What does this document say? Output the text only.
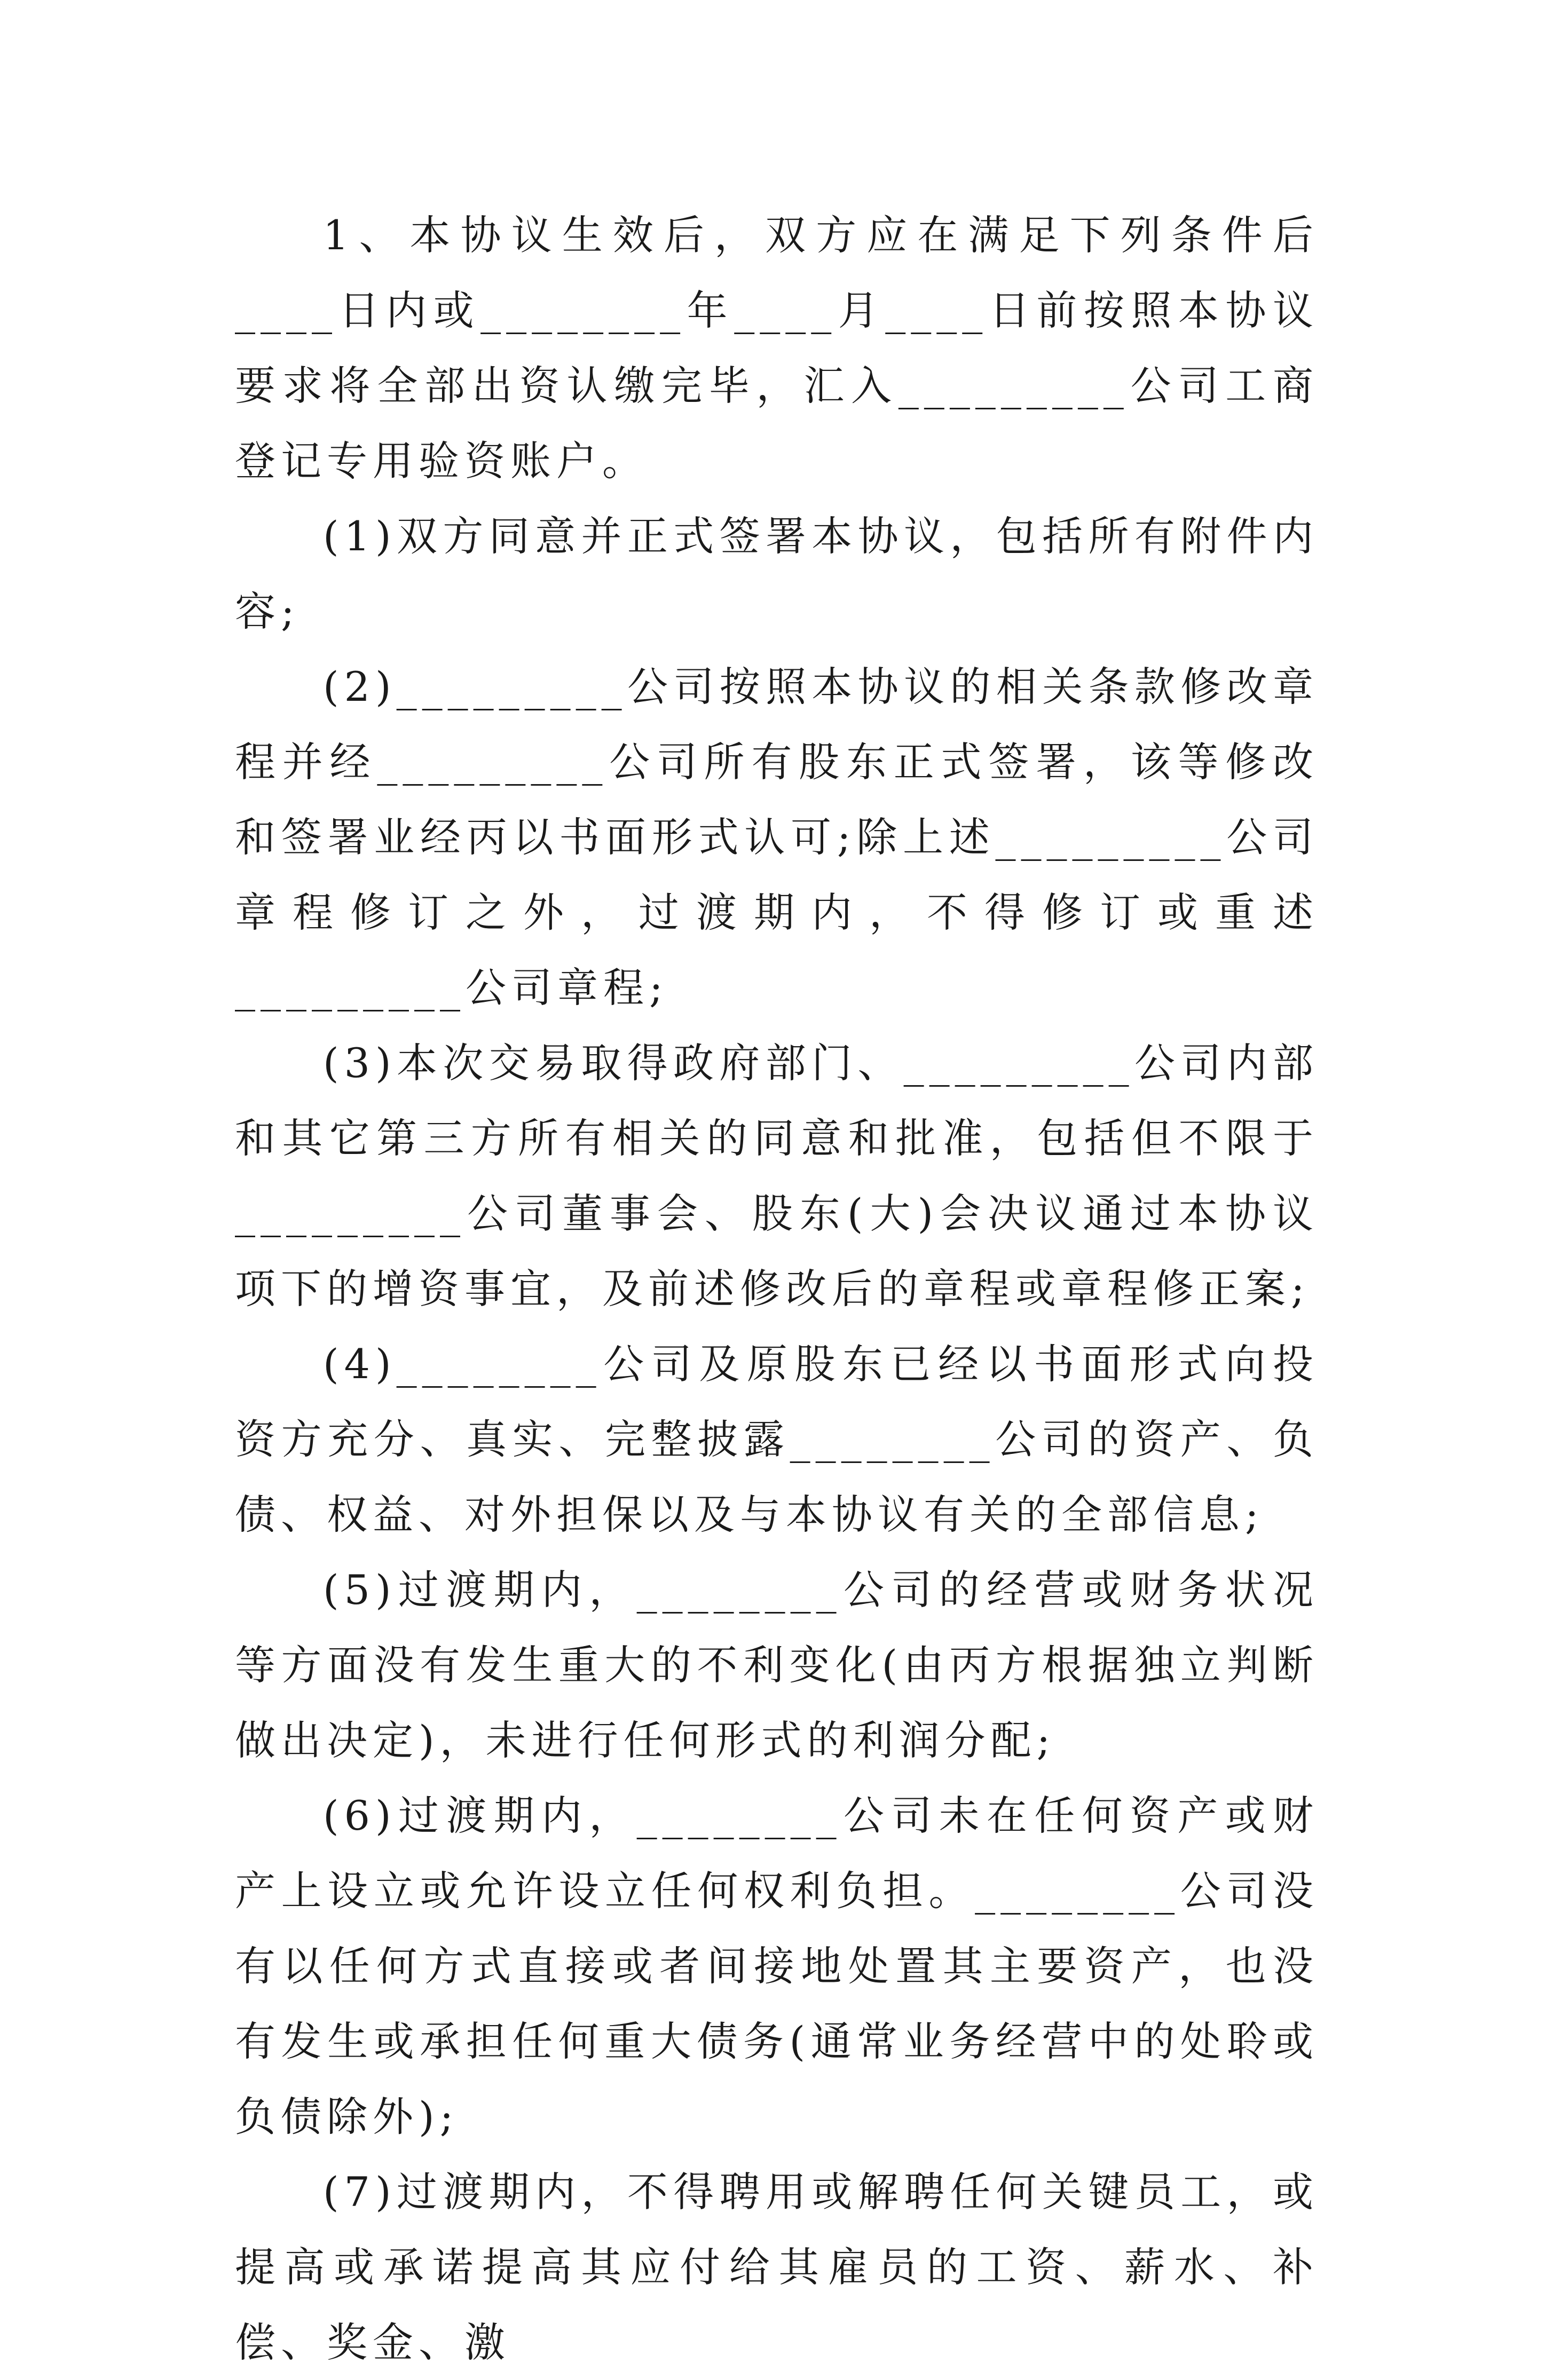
1、本协议生效后，双方应在满足下列条件后____日内或________年____月____日前按照本协议要求将全部出资认缴完毕，汇入_________公司工商登记专用验资账户。

(1)双方同意并正式签署本协议，包括所有附件内容;

(2)_________公司按照本协议的相关条款修改章程并经_________公司所有股东正式签署，该等修改和签署业经丙以书面形式认可;除上述_________公司章程修订之外，过渡期内，不得修订或重述_________公司章程;

(3)本次交易取得政府部门、_________公司内部和其它第三方所有相关的同意和批准，包括但不限于_________公司董事会、股东(大)会决议通过本协议项下的增资事宜，及前述修改后的章程或章程修正案;

(4)________公司及原股东已经以书面形式向投资方充分、真实、完整披露________公司的资产、负债、权益、对外担保以及与本协议有关的全部信息;

(5)过渡期内，________公司的经营或财务状况等方面没有发生重大的不利变化(由丙方根据独立判断做出决定)，未进行任何形式的利润分配;

(6)过渡期内，________公司未在任何资产或财产上设立或允许设立任何权利负担。________公司没有以任何方式直接或者间接地处置其主要资产，也没有发生或承担任何重大债务(通常业务经营中的处聆或负债除外);

(7)过渡期内，不得聘用或解聘任何关键员工，或提高或承诺提高其应付给其雇员的工资、薪水、补偿、奖金、激
